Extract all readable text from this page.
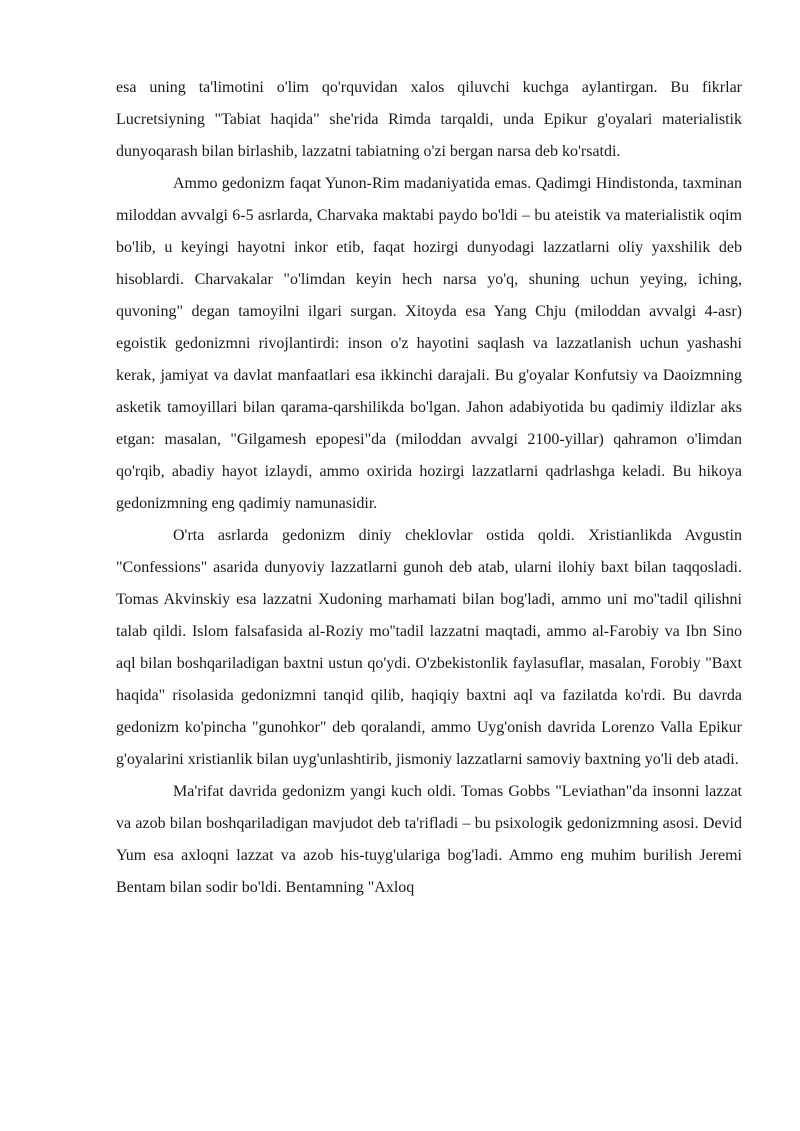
esa uning ta'limotini o'lim qo'rquvidan xalos qiluvchi kuchga aylantirgan. Bu fikrlar Lucretsiyning "Tabiat haqida" she'rida Rimda tarqaldi, unda Epikur g'oyalari materialistik dunyoqarash bilan birlashib, lazzatni tabiatning o'zi bergan narsa deb ko'rsatdi.

Ammo gedonizm faqat Yunon-Rim madaniyatida emas. Qadimgi Hindistonda, taxminan miloddan avvalgi 6-5 asrlarda, Charvaka maktabi paydo bo'ldi – bu ateistik va materialistik oqim bo'lib, u keyingi hayotni inkor etib, faqat hozirgi dunyodagi lazzatlarni oliy yaxshilik deb hisoblardi. Charvakalar "o'limdan keyin hech narsa yo'q, shuning uchun yeying, iching, quvoning" degan tamoyilni ilgari surgan. Xitoyda esa Yang Chju (miloddan avvalgi 4-asr) egoistik gedonizmni rivojlantirdi: inson o'z hayotini saqlash va lazzatlanish uchun yashashi kerak, jamiyat va davlat manfaatlari esa ikkinchi darajali. Bu g'oyalar Konfutsiy va Daoizmning asketik tamoyillari bilan qarama-qarshilikda bo'lgan. Jahon adabiyotida bu qadimiy ildizlar aks etgan: masalan, "Gilgamesh epopesi"da (miloddan avvalgi 2100-yillar) qahramon o'limdan qo'rqib, abadiy hayot izlaydi, ammo oxirida hozirgi lazzatlarni qadrlashga keladi. Bu hikoya gedonizmning eng qadimiy namunasidir.

O'rta asrlarda gedonizm diniy cheklovlar ostida qoldi. Xristianlikda Avgustin "Confessions" asarida dunyoviy lazzatlarni gunoh deb atab, ularni ilohiy baxt bilan taqqosladi. Tomas Akvinskiy esa lazzatni Xudoning marhamati bilan bog'ladi, ammo uni mo''tadil qilishni talab qildi. Islom falsafasida al-Roziy mo''tadil lazzatni maqtadi, ammo al-Farobiy va Ibn Sino aql bilan boshqariladigan baxtni ustun qo'ydi. O'zbekistonlik faylasuflar, masalan, Forobiy "Baxt haqida" risolasida gedonizmni tanqid qilib, haqiqiy baxtni aql va fazilatda ko'rdi. Bu davrda gedonizm ko'pincha "gunohkor" deb qoralandi, ammo Uyg'onish davrida Lorenzo Valla Epikur g'oyalarini xristianlik bilan uyg'unlashtirib, jismoniy lazzatlarni samoviy baxtning yo'li deb atadi.

Ma'rifat davrida gedonizm yangi kuch oldi. Tomas Gobbs "Leviathan"da insonni lazzat va azob bilan boshqariladigan mavjudot deb ta'rifladi – bu psixologik gedonizmning asosi. Devid Yum esa axloqni lazzat va azob his-tuyg'ulariga bog'ladi. Ammo eng muhim burilish Jeremi Bentam bilan sodir bo'ldi. Bentamning "Axloq
